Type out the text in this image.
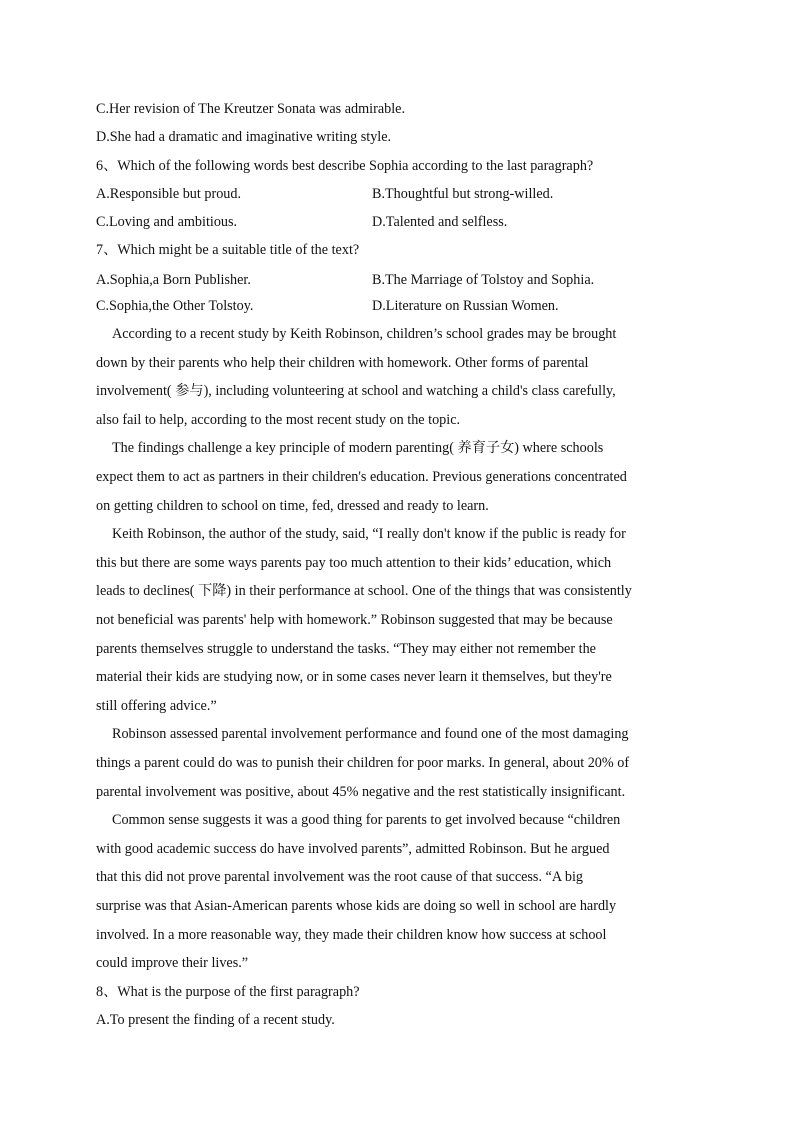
C.Her revision of The Kreutzer Sonata was admirable.
D.She had a dramatic and imaginative writing style.
6、Which of the following words best describe Sophia according to the last paragraph?
A.Responsible but proud.	B.Thoughtful but strong-willed.
C.Loving and ambitious.	D.Talented and selfless.
7、Which might be a suitable title of the text?
A.Sophia,a Born Publisher.	B.The Marriage of Tolstoy and Sophia.
C.Sophia,the Other Tolstoy.	D.Literature on Russian Women.
According to a recent study by Keith Robinson, children’s school grades may be brought
down by their parents who help their children with homework. Other forms of parental
involvement( 参与), including volunteering at school and watching a child's class carefully,
also fail to help, according to the most recent study on the topic.
The findings challenge a key principle of modern parenting( 养育子女) where schools
expect them to act as partners in their children's education. Previous generations concentrated
on getting children to school on time, fed, dressed and ready to learn.
Keith Robinson, the author of the study, said, “I really don't know if the public is ready for
this but there are some ways parents pay too much attention to their kids’ education, which
leads to declines( 下降) in their performance at school. One of the things that was consistently
not beneficial was parents' help with homework.” Robinson suggested that may be because
parents themselves struggle to understand the tasks. “They may either not remember the
material their kids are studying now, or in some cases never learn it themselves, but they're
still offering advice.”
Robinson assessed parental involvement performance and found one of the most damaging
things a parent could do was to punish their children for poor marks. In general, about 20% of
parental involvement was positive, about 45% negative and the rest statistically insignificant.
Common sense suggests it was a good thing for parents to get involved because “children
with good academic success do have involved parents”, admitted Robinson. But he argued
that this did not prove parental involvement was the root cause of that success. “A big
surprise was that Asian-American parents whose kids are doing so well in school are hardly
involved. In a more reasonable way, they made their children know how success at school
could improve their lives.”
8、What is the purpose of the first paragraph?
A.To present the finding of a recent study.
